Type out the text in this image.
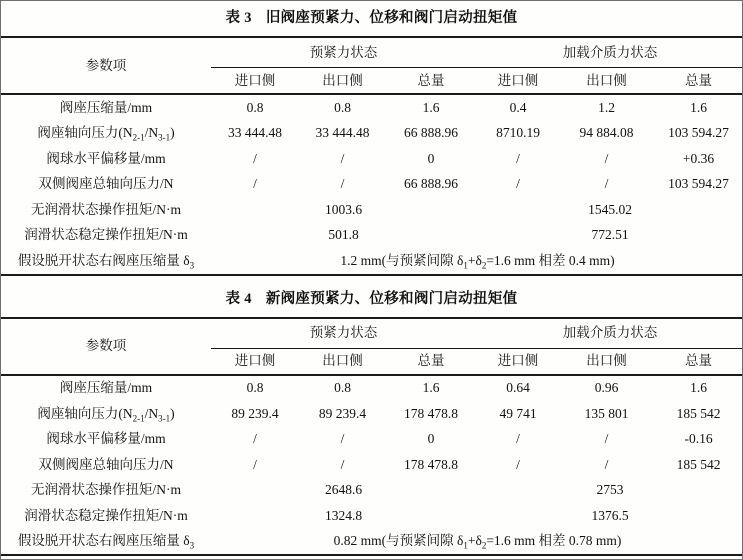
表 3 旧阀座预紧力、位移和阀门启动扭矩值
参数项	预紧力状态			加载介质力状态		
	进口侧	出口侧	总量	进口侧	出口侧	总量
阀座压缩量/mm	0.8	0.8	1.6	0.4	1.2	1.6
阀座轴向压力$(N_{2-1}/N_{3-1})$	33 444.48	33 444.48	66 888.96	8710.19	94 884.08	103 594.27
阀球水平偏移量/mm	/	/	0	/	/	+0.36
双侧阀座总轴向压力/N	/	/	66 888.96	/	/	103 594.27
无润滑状态操作扭矩/N·m	1003.6			1545.02		
润滑状态稳定操作扭矩/N·m	501.8			772.51		
假设脱开状态右阀座压缩量 $\delta_3$	1.2 mm(与预紧间隙 $\delta_1+\delta_2=1.6$ mm 相差 0.4 mm)					
表 4 新阀座预紧力、位移和阀门启动扭矩值
参数项	预紧力状态			加载介质力状态		
	进口侧	出口侧	总量	进口侧	出口侧	总量
阀座压缩量/mm	0.8	0.8	1.6	0.64	0.96	1.6
阀座轴向压力$(N_{2-1}/N_{3-1})$	89 239.4	89 239.4	178 478.8	49 741	135 801	185 542
阀球水平偏移量/mm	/	/	0	/	/	-0.16
双侧阀座总轴向压力/N	/	/	178 478.8	/	/	185 542
无润滑状态操作扭矩/N·m	2648.6			2753		
润滑状态稳定操作扭矩/N·m	1324.8			1376.5		
假设脱开状态右阀座压缩量 $\delta_3$	0.82 mm(与预紧间隙 $\delta_1+\delta_2=1.6$ mm 相差 0.78 mm)					
